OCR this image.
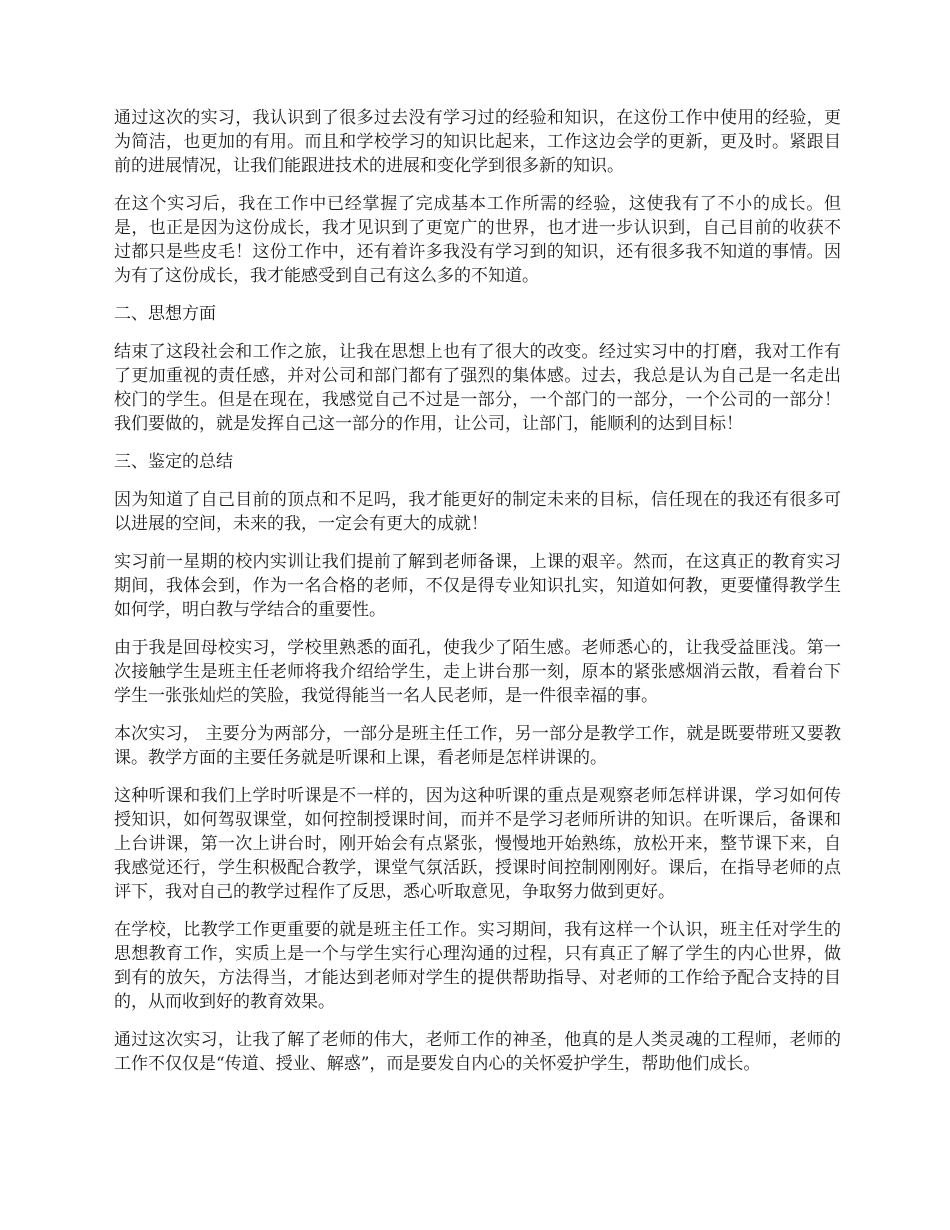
通过这次的实习，我认识到了很多过去没有学习过的经验和知识，在这份工作中使用的经验，更为简洁，也更加的有用。而且和学校学习的知识比起来，工作这边会学的更新，更及时。紧跟目前的进展情况，让我们能跟进技术的进展和变化学到很多新的知识。

在这个实习后，我在工作中已经掌握了完成基本工作所需的经验，这使我有了不小的成长。但是，也正是因为这份成长，我才见识到了更宽广的世界，也才进一步认识到，自己目前的收获不过都只是些皮毛！这份工作中，还有着许多我没有学习到的知识，还有很多我不知道的事情。因为有了这份成长，我才能感受到自己有这么多的不知道。

二、思想方面

结束了这段社会和工作之旅，让我在思想上也有了很大的改变。经过实习中的打磨，我对工作有了更加重视的责任感，并对公司和部门都有了强烈的集体感。过去，我总是认为自己是一名走出校门的学生。但是在现在，我感觉自己不过是一部分，一个部门的一部分，一个公司的一部分！我们要做的，就是发挥自己这一部分的作用，让公司，让部门，能顺利的达到目标！

三、鉴定的总结

因为知道了自己目前的顶点和不足吗，我才能更好的制定未来的目标，信任现在的我还有很多可以进展的空间，未来的我，一定会有更大的成就！

实习前一星期的校内实训让我们提前了解到老师备课，上课的艰辛。然而，在这真正的教育实习期间，我体会到，作为一名合格的老师，不仅是得专业知识扎实，知道如何教，更要懂得教学生如何学，明白教与学结合的重要性。

由于我是回母校实习，学校里熟悉的面孔，使我少了陌生感。老师悉心的，让我受益匪浅。第一次接触学生是班主任老师将我介绍给学生，走上讲台那一刻，原本的紧张感烟消云散，看着台下学生一张张灿烂的笑脸，我觉得能当一名人民老师，是一件很幸福的事。

本次实习， 主要分为两部分，一部分是班主任工作，另一部分是教学工作，就是既要带班又要教课。教学方面的主要任务就是听课和上课，看老师是怎样讲课的。

这种听课和我们上学时听课是不一样的，因为这种听课的重点是观察老师怎样讲课，学习如何传授知识，如何驾驭课堂，如何控制授课时间，而并不是学习老师所讲的知识。在听课后，备课和上台讲课，第一次上讲台时，刚开始会有点紧张，慢慢地开始熟练，放松开来，整节课下来，自我感觉还行，学生积极配合教学，课堂气氛活跃，授课时间控制刚刚好。课后，在指导老师的点评下，我对自己的教学过程作了反思，悉心听取意见，争取努力做到更好。

在学校，比教学工作更重要的就是班主任工作。实习期间，我有这样一个认识，班主任对学生的思想教育工作，实质上是一个与学生实行心理沟通的过程，只有真正了解了学生的内心世界，做到有的放矢，方法得当，才能达到老师对学生的提供帮助指导、对老师的工作给予配合支持的目的，从而收到好的教育效果。

通过这次实习，让我了解了老师的伟大，老师工作的神圣，他真的是人类灵魂的工程师，老师的工作不仅仅是“传道、授业、解惑”，而是要发自内心的关怀爱护学生，帮助他们成长。
